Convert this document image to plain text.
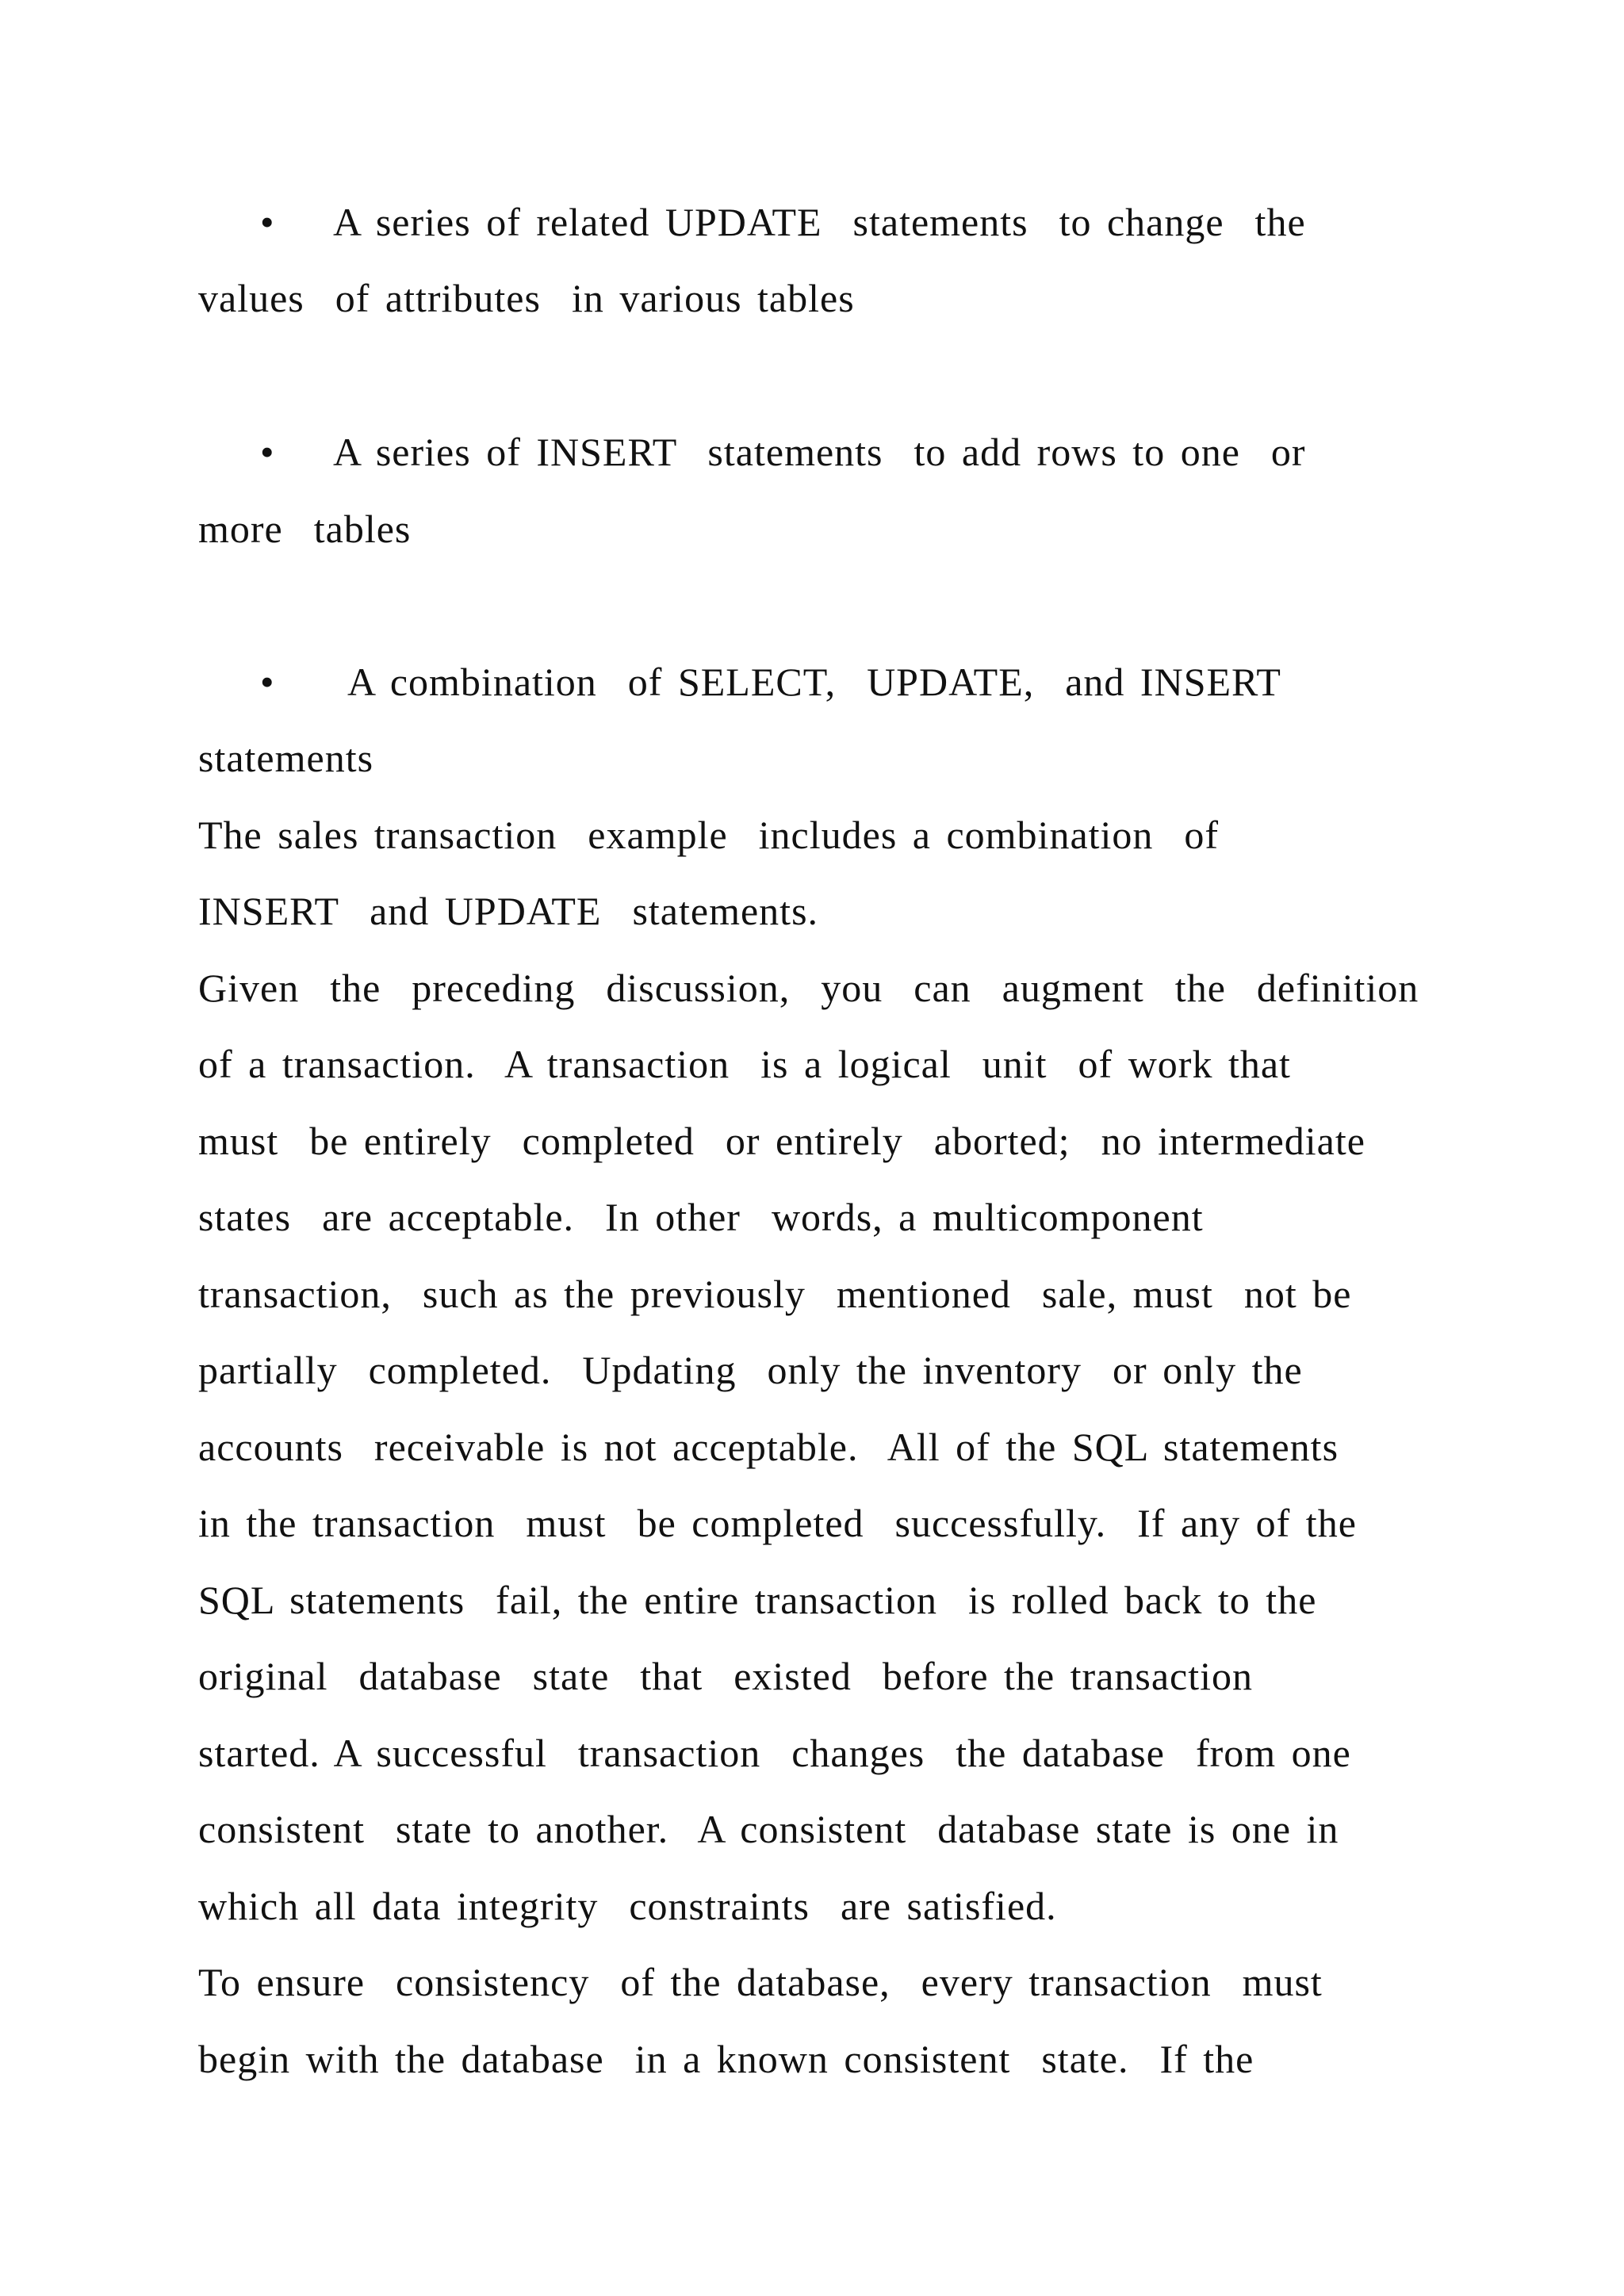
• A series of related UPDATE  statements  to change  the
values  of attributes  in various tables
• A series of INSERT  statements  to add rows to one  or
more  tables
• A combination  of SELECT,  UPDATE,  and INSERT
statements
The sales transaction  example  includes a combination  of
INSERT  and UPDATE  statements.
Given  the  preceding  discussion,  you  can  augment  the  definition
of a transaction.  A transaction  is a logical  unit  of work that
must  be entirely  completed  or entirely  aborted;  no intermediate
states  are acceptable.  In other  words, a multicomponent
transaction,  such as the previously  mentioned  sale, must  not be
partially  completed.  Updating  only the inventory  or only the
accounts  receivable is not acceptable.  All of the SQL statements
in the transaction  must  be completed  successfully.  If any of the
SQL statements  fail, the entire transaction  is rolled back to the
original  database  state  that  existed  before the transaction
started. A successful  transaction  changes  the database  from one
consistent  state to another.  A consistent  database state is one in
which all data integrity  constraints  are satisfied.
To ensure  consistency  of the database,  every transaction  must
begin with the database  in a known consistent  state.  If the
